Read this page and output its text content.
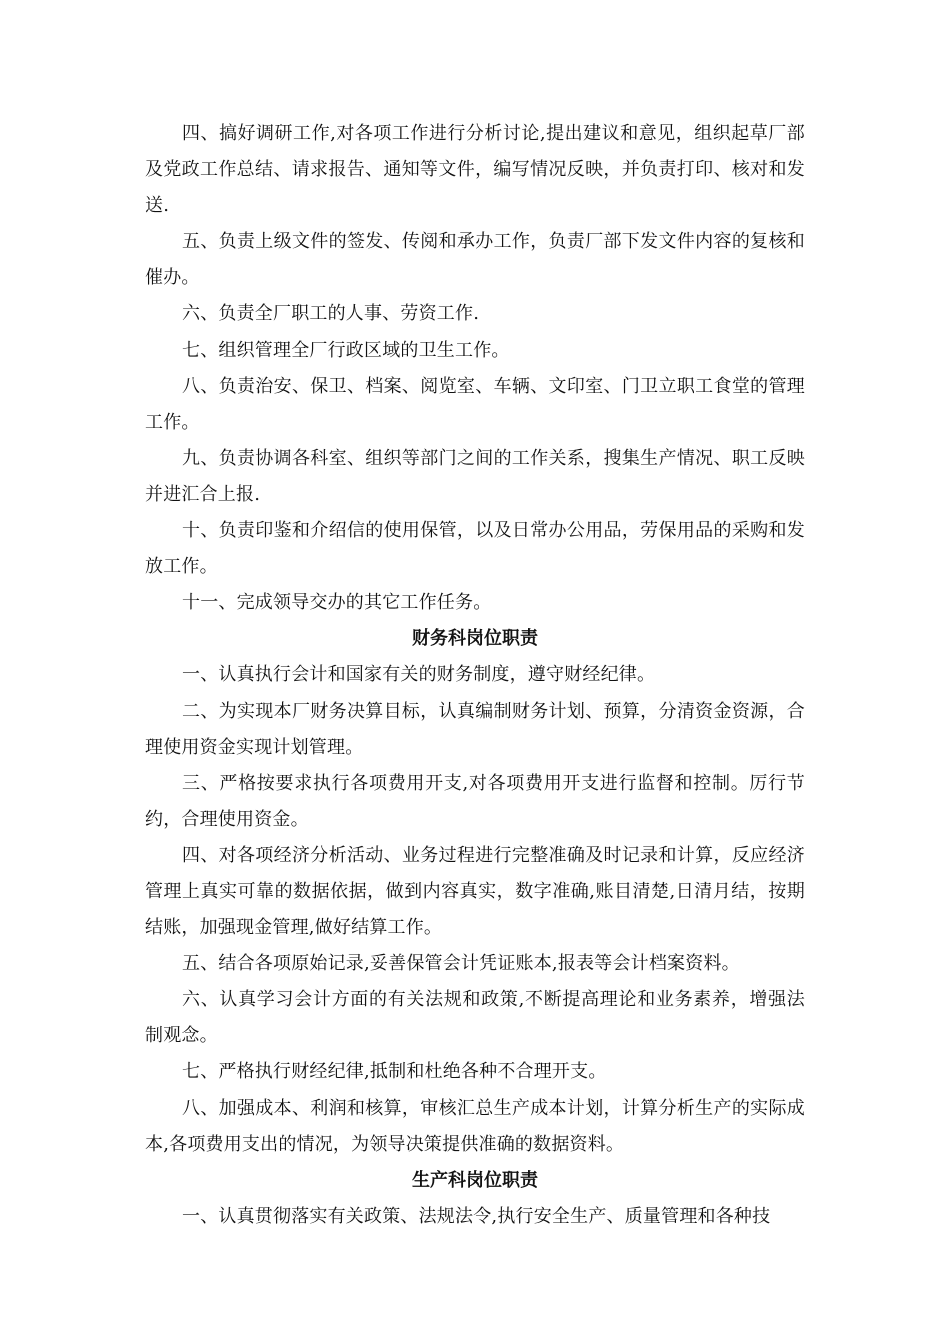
四、搞好调研工作,对各项工作进行分析讨论,提出建议和意见，组织起草厂部及党政工作总结、请求报告、通知等文件，编写情况反映，并负责打印、核对和发送.

五、负责上级文件的签发、传阅和承办工作，负责厂部下发文件内容的复核和催办。

六、负责全厂职工的人事、劳资工作.

七、组织管理全厂行政区域的卫生工作。

八、负责治安、保卫、档案、阅览室、车辆、文印室、门卫立职工食堂的管理工作。

九、负责协调各科室、组织等部门之间的工作关系，搜集生产情况、职工反映并进汇合上报.

十、负责印鉴和介绍信的使用保管，以及日常办公用品，劳保用品的采购和发放工作。

十一、完成领导交办的其它工作任务。

财务科岗位职责

一、认真执行会计和国家有关的财务制度，遵守财经纪律。

二、为实现本厂财务决算目标，认真编制财务计划、预算，分清资金资源，合理使用资金实现计划管理。

三、严格按要求执行各项费用开支,对各项费用开支进行监督和控制。厉行节约，合理使用资金。

四、对各项经济分析活动、业务过程进行完整准确及时记录和计算，反应经济管理上真实可靠的数据依据，做到内容真实，数字准确,账目清楚,日清月结，按期结账，加强现金管理,做好结算工作。

五、结合各项原始记录,妥善保管会计凭证账本,报表等会计档案资料。

六、认真学习会计方面的有关法规和政策,不断提高理论和业务素养，增强法制观念。

七、严格执行财经纪律,抵制和杜绝各种不合理开支。

八、加强成本、利润和核算，审核汇总生产成本计划，计算分析生产的实际成本,各项费用支出的情况，为领导决策提供准确的数据资料。

生产科岗位职责

一、认真贯彻落实有关政策、法规法令,执行安全生产、质量管理和各种技
